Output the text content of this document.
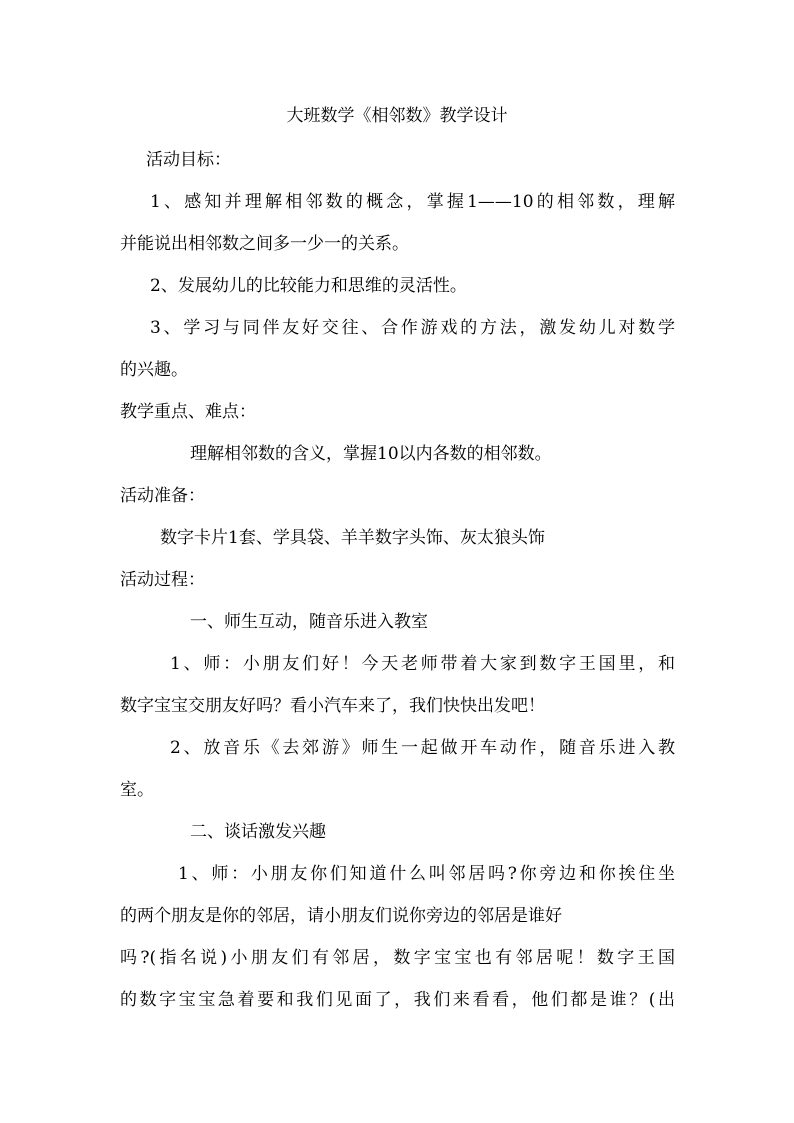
大班数学《相邻数》教学设计
活动目标：
1、感知并理解相邻数的概念，掌握1——10的相邻数，理解
并能说出相邻数之间多一少一的关系。
2、发展幼儿的比较能力和思维的灵活性。
3、学习与同伴友好交往、合作游戏的方法，激发幼儿对数学
的兴趣。
教学重点、难点：
理解相邻数的含义，掌握10以内各数的相邻数。
活动准备：
数字卡片1套、学具袋、羊羊数字头饰、灰太狼头饰
活动过程：
一、师生互动，随音乐进入教室
1、师：小朋友们好！今天老师带着大家到数字王国里，和
数字宝宝交朋友好吗？看小汽车来了，我们快快出发吧！
2、放音乐《去郊游》师生一起做开车动作，随音乐进入教
室。
二、谈话激发兴趣
1、师：小朋友你们知道什么叫邻居吗?你旁边和你挨住坐
的两个朋友是你的邻居，请小朋友们说你旁边的邻居是谁好
吗?(指名说)小朋友们有邻居，数字宝宝也有邻居呢！数字王国
的数字宝宝急着要和我们见面了，我们来看看，他们都是谁？(出
